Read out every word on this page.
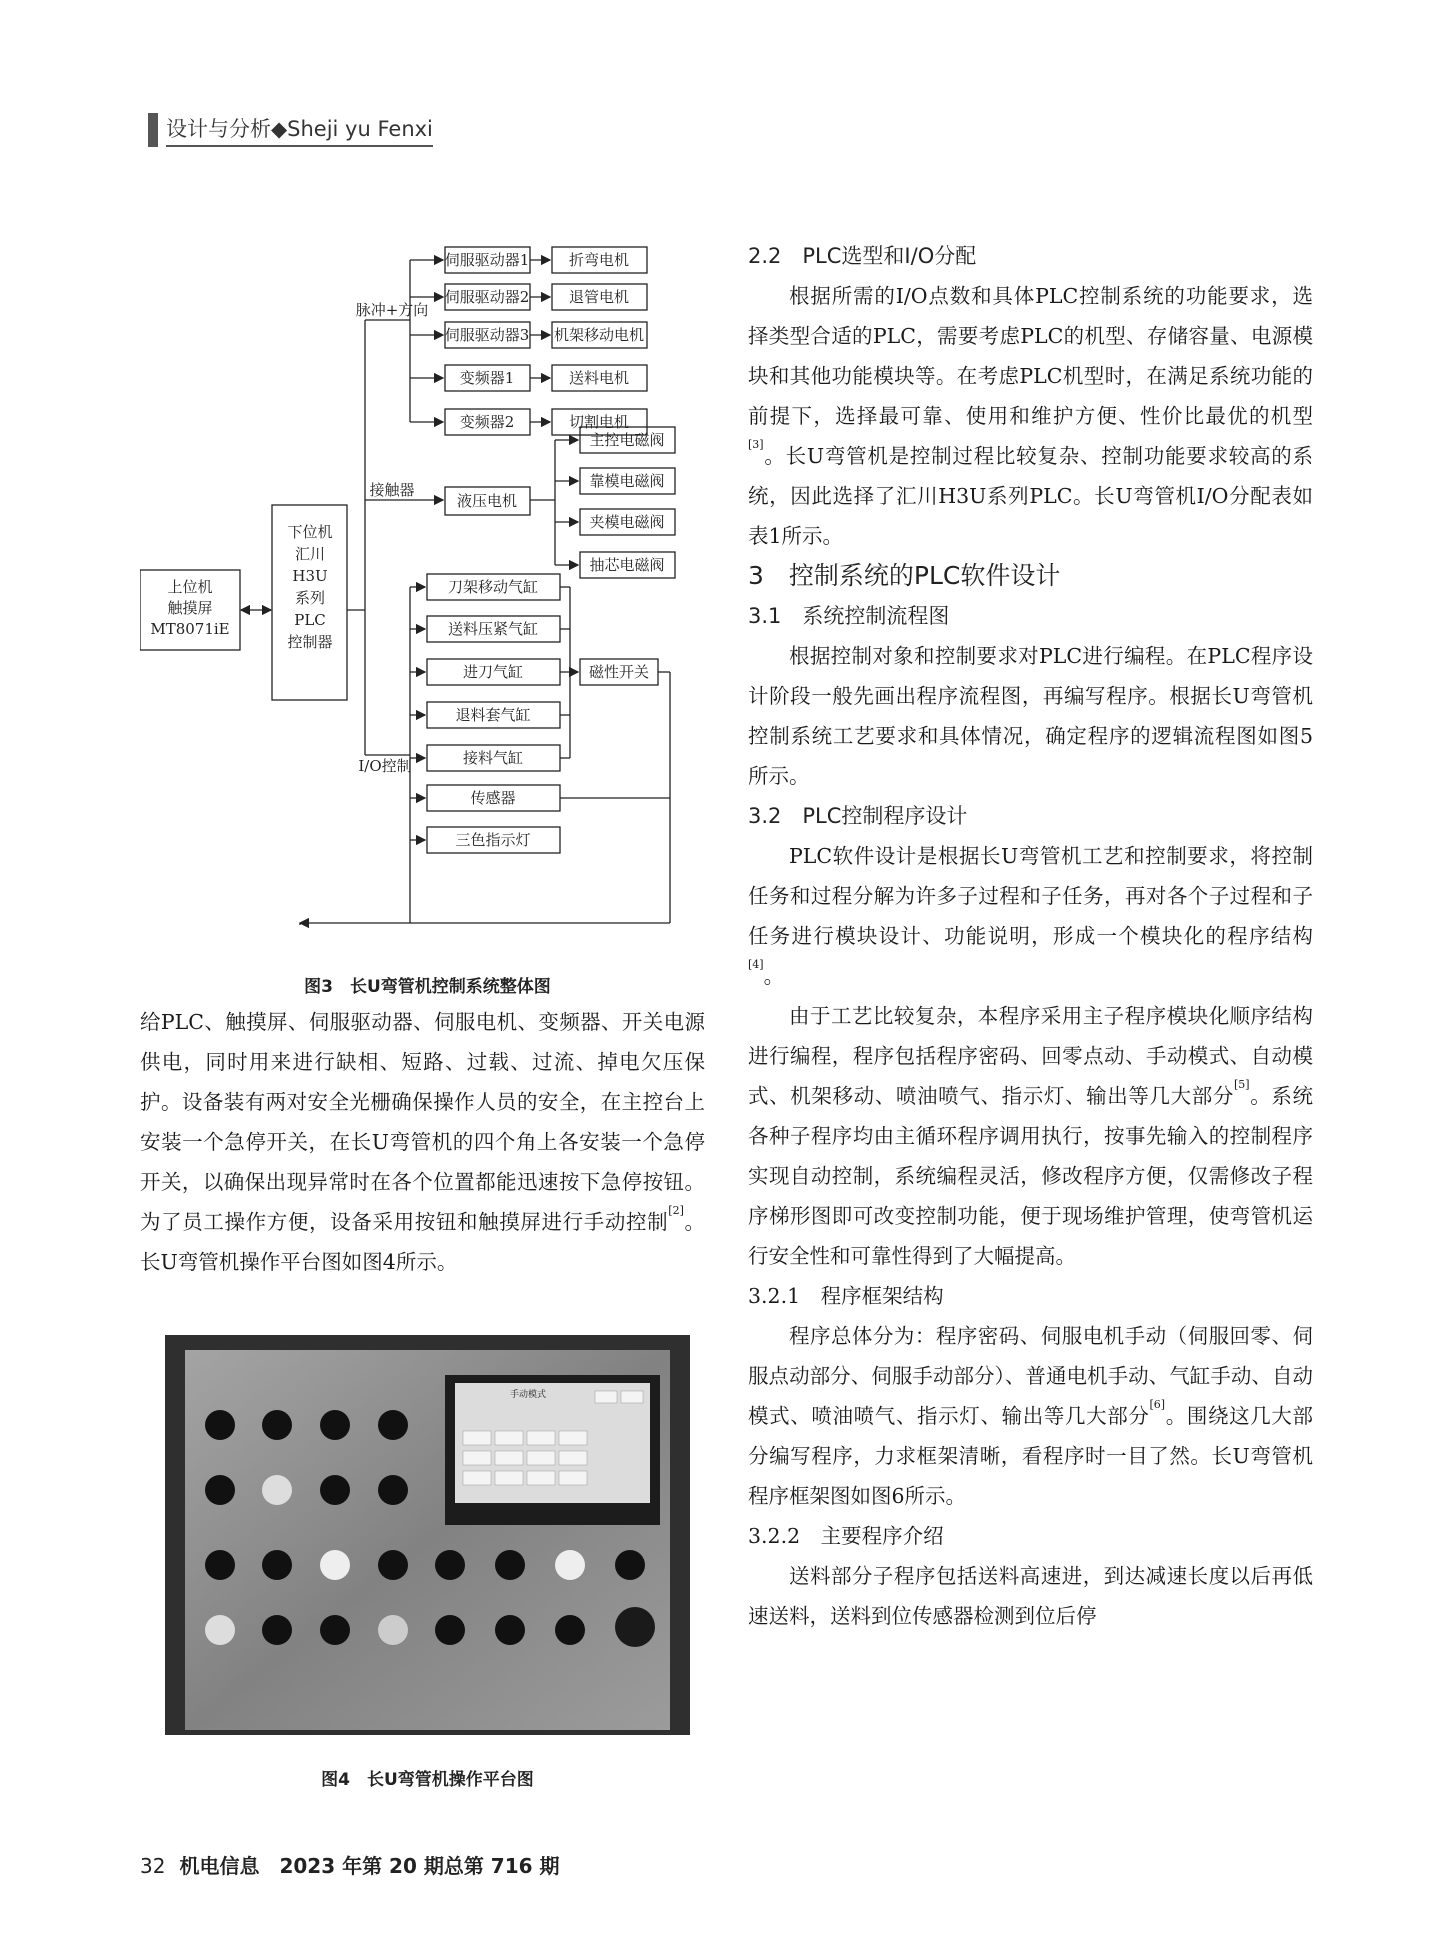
设计与分析◆Sheji yu Fenxi
上位机
触摸屏
MT8071iE
下位机
汇川
H3U
系列
PLC
控制器
脉冲+方向
接触器
I/O控制
伺服驱动器1
伺服驱动器2
伺服驱动器3
变频器1
变频器2
折弯电机
退管电机
机架移动电机
送料电机
切割电机
液压电机
主控电磁阀
靠模电磁阀
夹模电磁阀
抽芯电磁阀
刀架移动气缸
送料压紧气缸
进刀气缸
退料套气缸
接料气缸
传感器
三色指示灯
磁性开关
图3　长U弯管机控制系统整体图

给PLC、触摸屏、伺服驱动器、伺服电机、变频器、开关电源供电，同时用来进行缺相、短路、过载、过流、掉电欠压保护。设备装有两对安全光栅确保操作人员的安全，在主控台上安装一个急停开关，在长U弯管机的四个角上各安装一个急停开关，以确保出现异常时在各个位置都能迅速按下急停按钮。为了员工操作方便，设备采用按钮和触摸屏进行手动控制[2]。长U弯管机操作平台图如图4所示。

手动模式
图4　长U弯管机操作平台图

2.2　PLC选型和I/O分配

根据所需的I/O点数和具体PLC控制系统的功能要求，选择类型合适的PLC，需要考虑PLC的机型、存储容量、电源模块和其他功能模块等。在考虑PLC机型时，在满足系统功能的前提下，选择最可靠、使用和维护方便、性价比最优的机型[3]。长U弯管机是控制过程比较复杂、控制功能要求较高的系统，因此选择了汇川H3U系列PLC。长U弯管机I/O分配表如表1所示。

3　控制系统的PLC软件设计

3.1　系统控制流程图

根据控制对象和控制要求对PLC进行编程。在PLC程序设计阶段一般先画出程序流程图，再编写程序。根据长U弯管机控制系统工艺要求和具体情况，确定程序的逻辑流程图如图5所示。

3.2　PLC控制程序设计

PLC软件设计是根据长U弯管机工艺和控制要求，将控制任务和过程分解为许多子过程和子任务，再对各个子过程和子任务进行模块设计、功能说明，形成一个模块化的程序结构[4]。

由于工艺比较复杂，本程序采用主子程序模块化顺序结构进行编程，程序包括程序密码、回零点动、手动模式、自动模式、机架移动、喷油喷气、指示灯、输出等几大部分[5]。系统各种子程序均由主循环程序调用执行，按事先输入的控制程序实现自动控制，系统编程灵活，修改程序方便，仅需修改子程序梯形图即可改变控制功能，便于现场维护管理，使弯管机运行安全性和可靠性得到了大幅提高。

3.2.1　程序框架结构

程序总体分为：程序密码、伺服电机手动（伺服回零、伺服点动部分、伺服手动部分）、普通电机手动、气缸手动、自动模式、喷油喷气、指示灯、输出等几大部分[6]。围绕这几大部分编写程序，力求框架清晰，看程序时一目了然。长U弯管机程序框架图如图6所示。

3.2.2　主要程序介绍

送料部分子程序包括送料高速进，到达减速长度以后再低速送料，送料到位传感器检测到位后停

32 机电信息　2023 年第 20 期总第 716 期
